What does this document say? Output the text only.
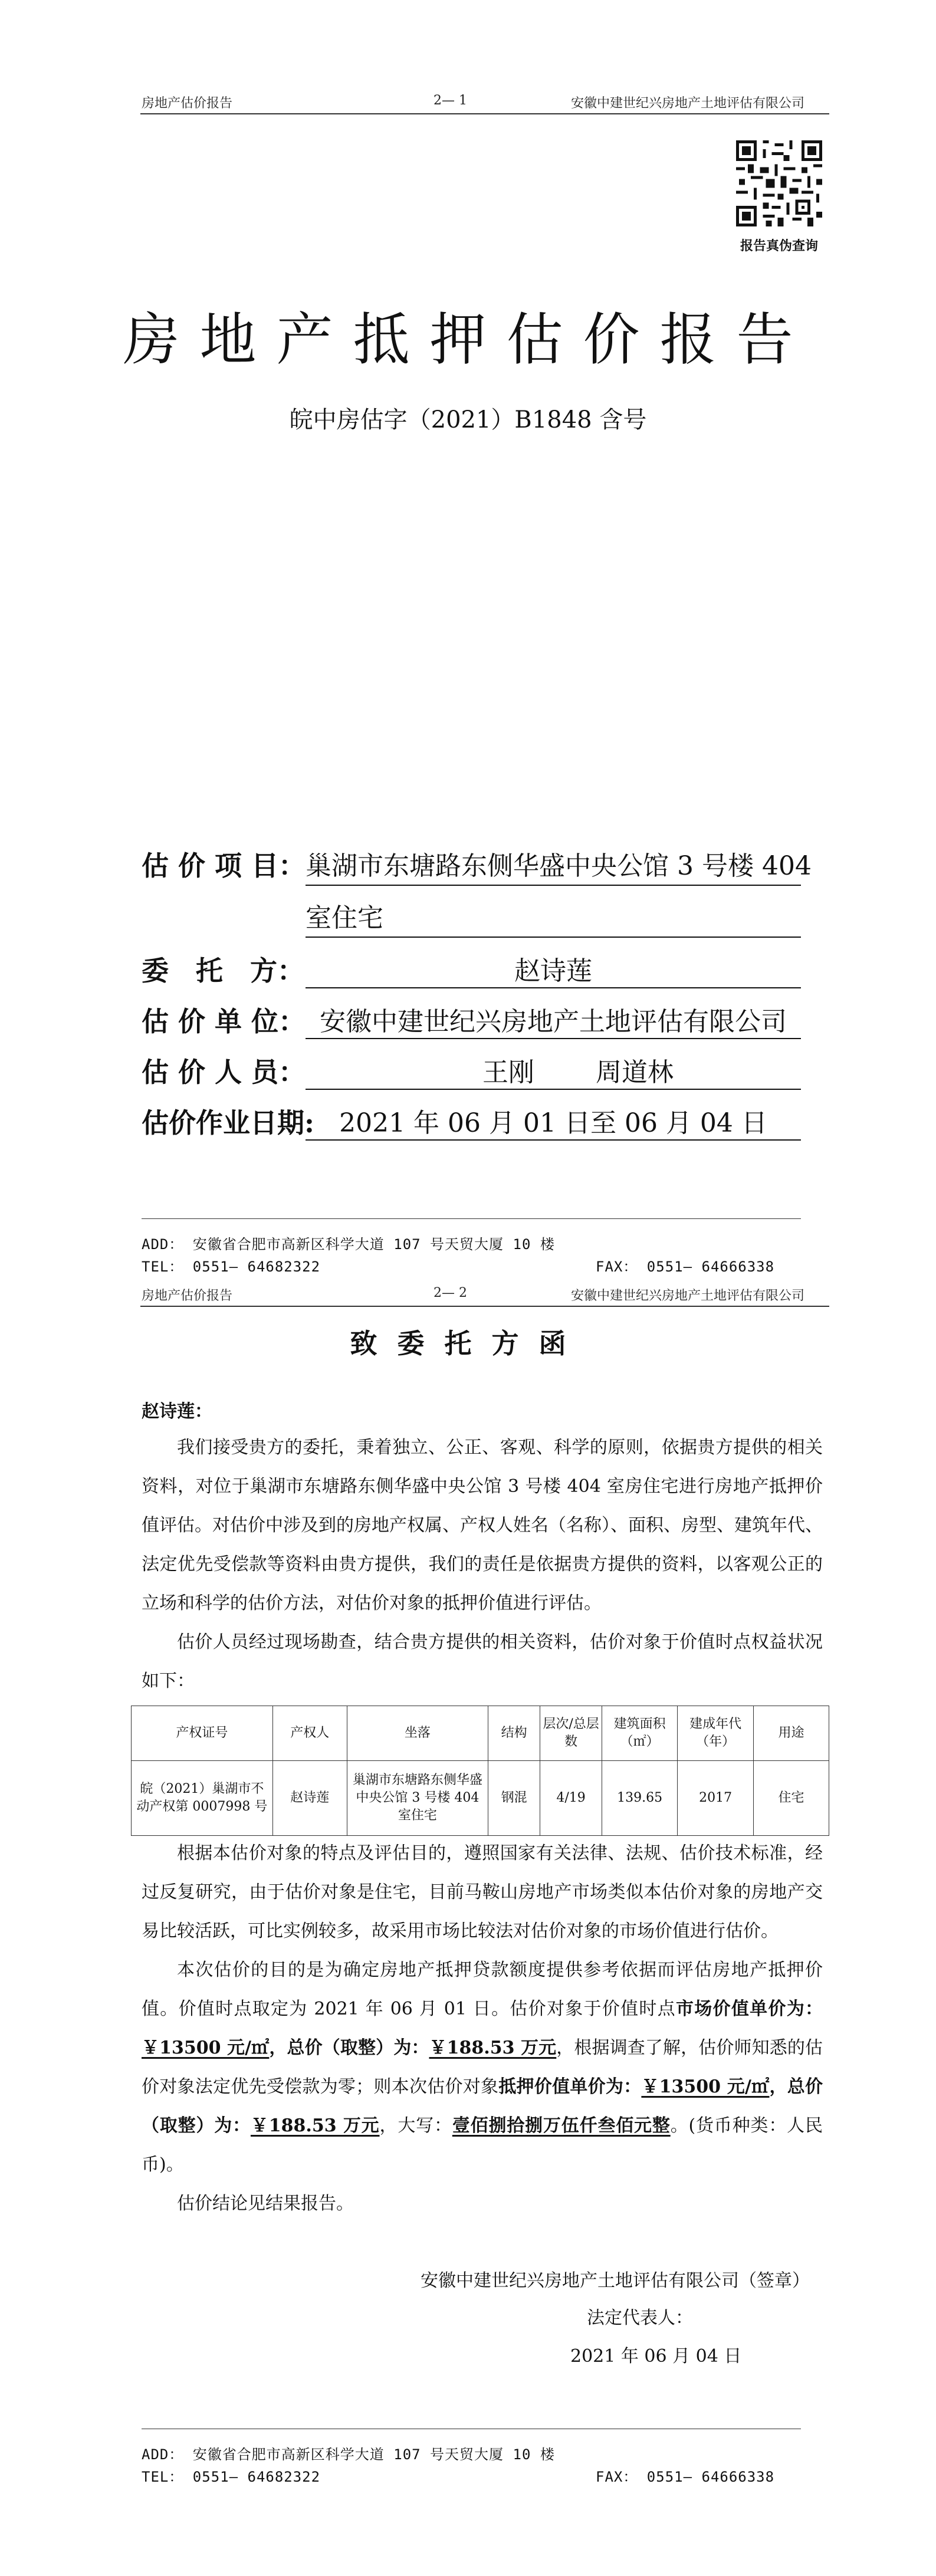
房地产估价报告	2— 1	安徽中建世纪兴房地产土地评估有限公司
报告真伪查询
房地产抵押估价报告
皖中房估字（2021）B1848 含号
估 价 项 目： 巢湖市东塘路东侧华盛中央公馆 3 号楼 404
室住宅
委　托　方：	赵诗莲
估 价 单 位： 安徽中建世纪兴房地产土地评估有限公司
估 价 人 员：	王刚 周道林
估价作业日期: 2021 年 06 月 01 日至 06 月 04 日
ADD： 安徽省合肥市高新区科学大道 107 号天贸大厦 10 楼
TEL： 0551— 64682322	FAX： 0551— 64666338
房地产估价报告	2— 2	安徽中建世纪兴房地产土地评估有限公司
致委托方函
赵诗莲：

我们接受贵方的委托，秉着独立、公正、客观、科学的原则，依据贵方提供的相关资料，对位于巢湖市东塘路东侧华盛中央公馆 3 号楼 404 室房住宅进行房地产抵押价值评估。对估价中涉及到的房地产权属、产权人姓名（名称）、面积、房型、建筑年代、法定优先受偿款等资料由贵方提供，我们的责任是依据贵方提供的资料，以客观公正的立场和科学的估价方法，对估价对象的抵押价值进行评估。

估价人员经过现场勘查，结合贵方提供的相关资料，估价对象于价值时点权益状况如下：

产权证号	产权人	坐落	结构	层次/总层数	建筑面积（㎡）	建成年代（年）	用途
皖（2021）巢湖市不动产权第 0007998 号	赵诗莲	巢湖市东塘路东侧华盛中央公馆 3 号楼 404 室住宅	钢混	4/19	139.65	2017	住宅

根据本估价对象的特点及评估目的，遵照国家有关法律、法规、估价技术标准，经过反复研究，由于估价对象是住宅，目前马鞍山房地产市场类似本估价对象的房地产交易比较活跃，可比实例较多，故采用市场比较法对估价对象的市场价值进行估价。

本次估价的目的是为确定房地产抵押贷款额度提供参考依据而评估房地产抵押价值。价值时点取定为 2021 年 06 月 01 日。估价对象于价值时点市场价值单价为：￥13500 元/㎡，总价（取整）为：￥188.53 万元，根据调查了解，估价师知悉的估价对象法定优先受偿款为零；则本次估价对象抵押价值单价为：￥13500 元/㎡，总价（取整）为：￥188.53 万元，大写：壹佰捌拾捌万伍仟叁佰元整。(货币种类：人民币)。

估价结论见结果报告。

安徽中建世纪兴房地产土地评估有限公司（签章）
法定代表人：
2021 年 06 月 04 日
ADD： 安徽省合肥市高新区科学大道 107 号天贸大厦 10 楼
TEL： 0551— 64682322	FAX： 0551— 64666338
